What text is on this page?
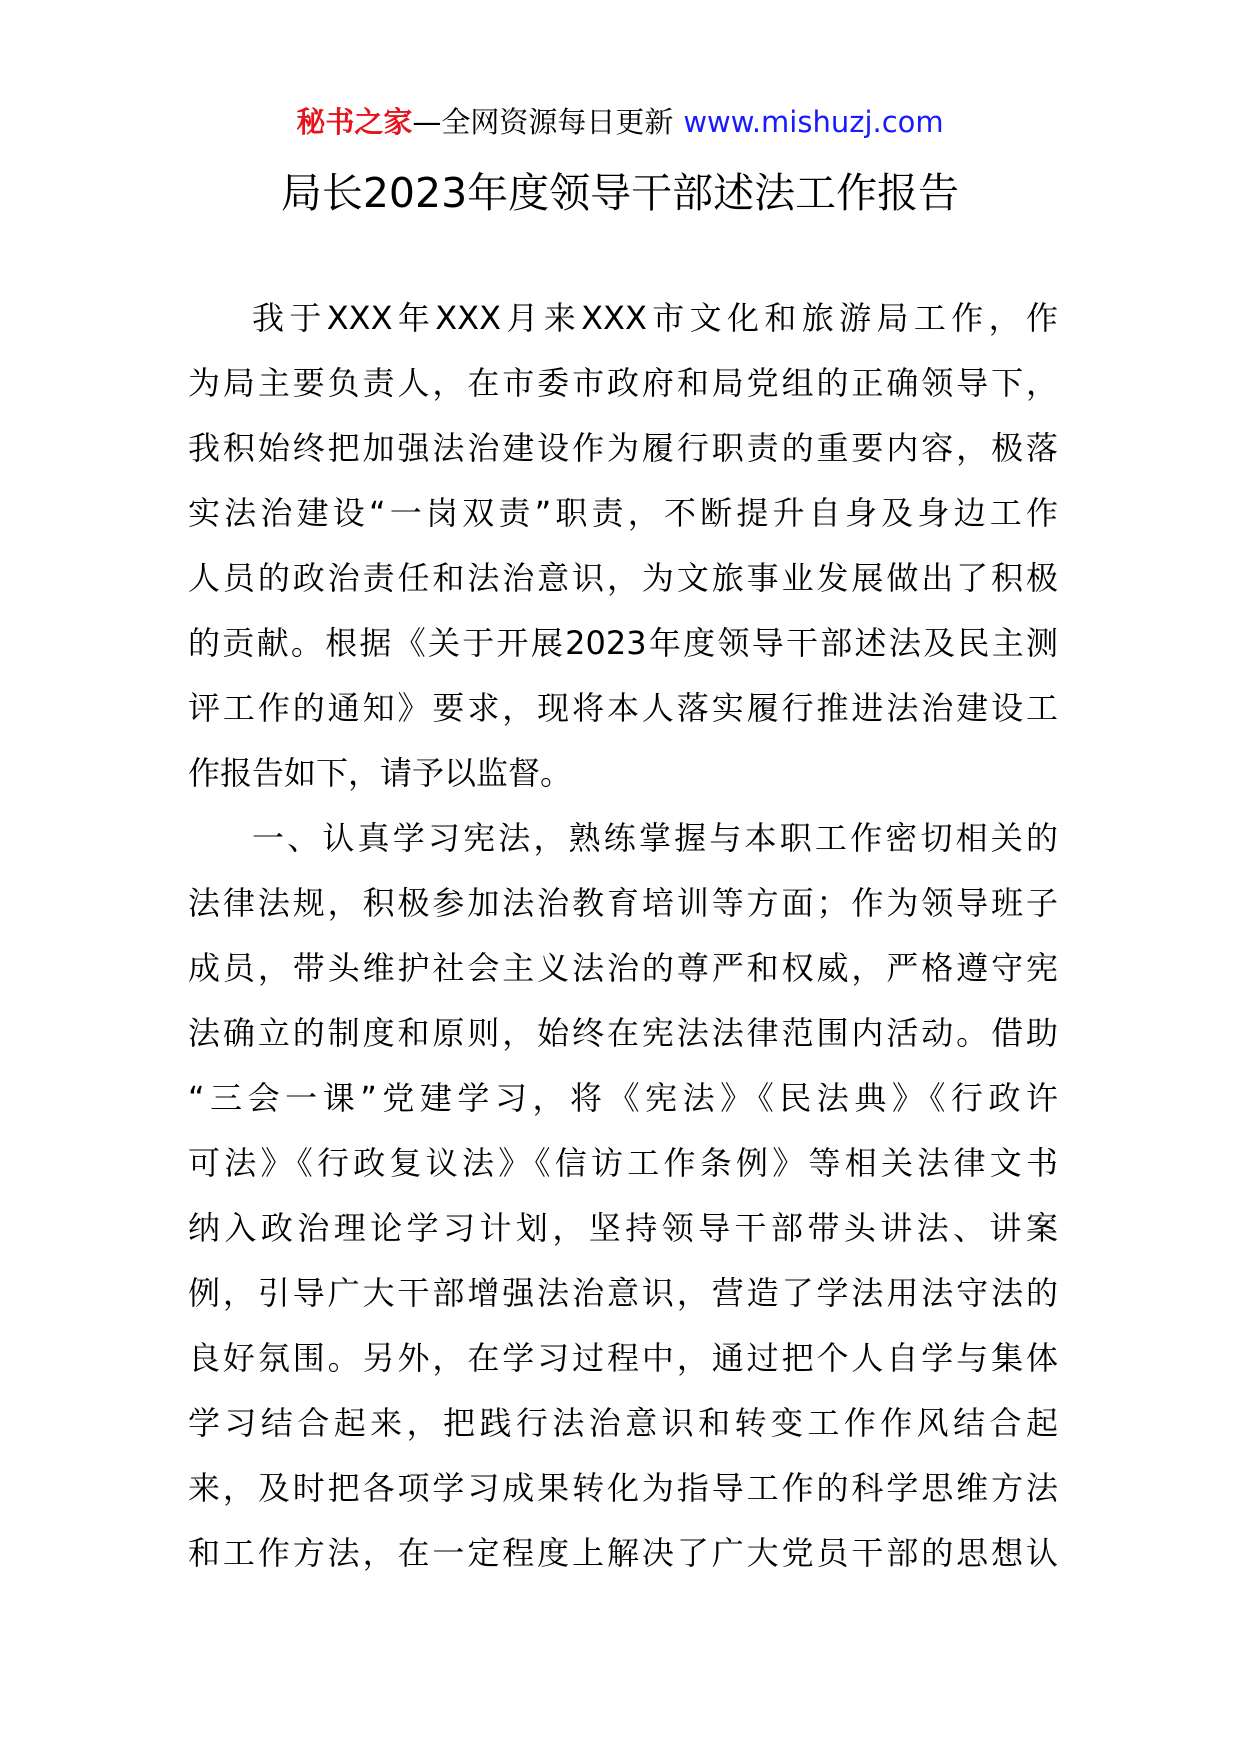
秘书之家—全网资源每日更新 www.mishuzj.com
局长2023年度领导干部述法工作报告
我于XXX年XXX月来XXX市文化和旅游局工作，作
为局主要负责人，在市委市政府和局党组的正确领导下，
我积始终把加强法治建设作为履行职责的重要内容，极落
实法治建设“一岗双责”职责，不断提升自身及身边工作
人员的政治责任和法治意识，为文旅事业发展做出了积极
的贡献。根据《关于开展2023年度领导干部述法及民主测
评工作的通知》要求，现将本人落实履行推进法治建设工
作报告如下，请予以监督。
一、认真学习宪法，熟练掌握与本职工作密切相关的
法律法规，积极参加法治教育培训等方面；作为领导班子
成员，带头维护社会主义法治的尊严和权威，严格遵守宪
法确立的制度和原则，始终在宪法法律范围内活动。借助
“三会一课”党建学习，将《宪法》《民法典》《行政许
可法》《行政复议法》《信访工作条例》等相关法律文书
纳入政治理论学习计划，坚持领导干部带头讲法、讲案
例，引导广大干部增强法治意识，营造了学法用法守法的
良好氛围。另外，在学习过程中，通过把个人自学与集体
学习结合起来，把践行法治意识和转变工作作风结合起
来，及时把各项学习成果转化为指导工作的科学思维方法
和工作方法，在一定程度上解决了广大党员干部的思想认
